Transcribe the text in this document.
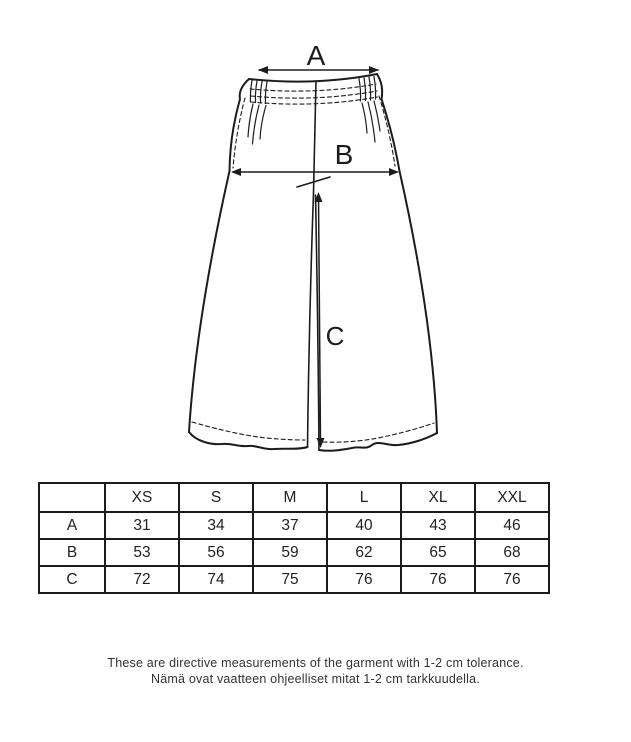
A
B
C
	XS	S	M	L	XL	XXL
A	31	34	37	40	43	46
B	53	56	59	62	65	68
C	72	74	75	76	76	76
These are directive measurements of the garment with 1-2 cm tolerance.
Nämä ovat vaatteen ohjeelliset mitat 1-2 cm tarkkuudella.
